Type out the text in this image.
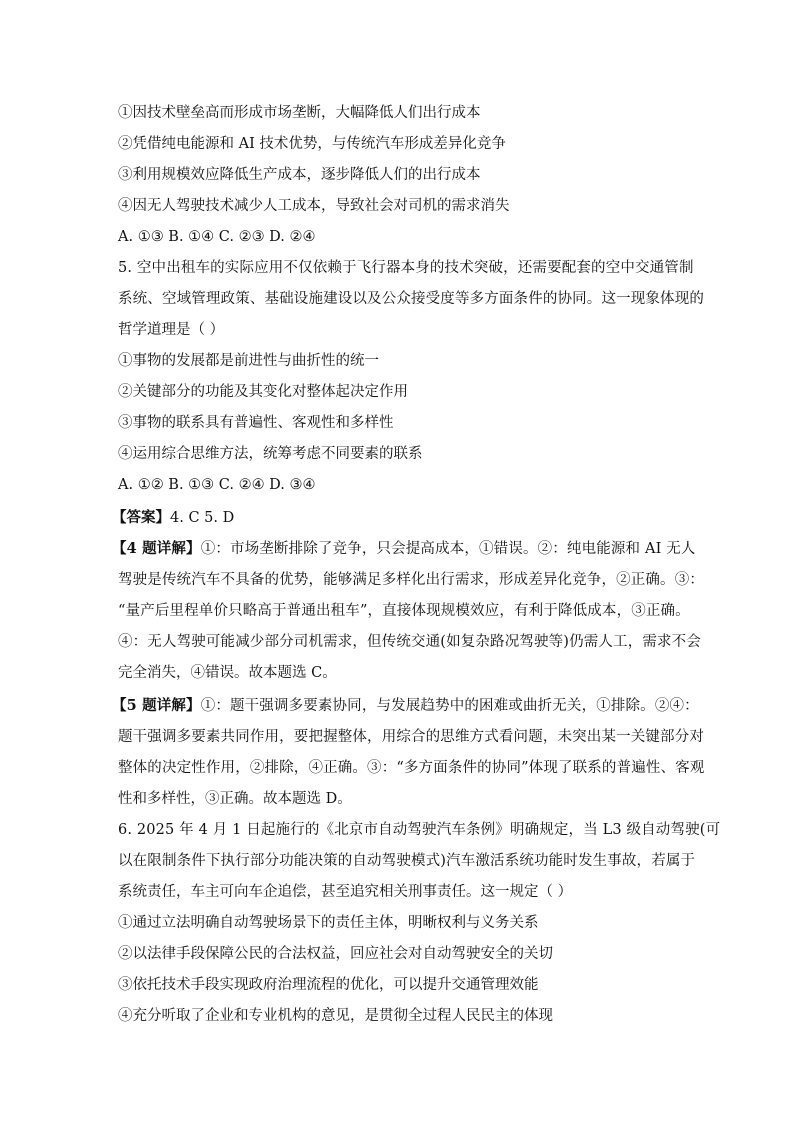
①因技术壁垒高而形成市场垄断，大幅降低人们出行成本
②凭借纯电能源和 AI 技术优势，与传统汽车形成差异化竞争
③利用规模效应降低生产成本，逐步降低人们的出行成本
④因无人驾驶技术减少人工成本，导致社会对司机的需求消失
A. ①③ B. ①④ C. ②③ D. ②④
5. 空中出租车的实际应用不仅依赖于飞行器本身的技术突破，还需要配套的空中交通管制
系统、空域管理政策、基础设施建设以及公众接受度等多方面条件的协同。这一现象体现的
哲学道理是（ ）
①事物的发展都是前进性与曲折性的统一
②关键部分的功能及其变化对整体起决定作用
③事物的联系具有普遍性、客观性和多样性
④运用综合思维方法，统筹考虑不同要素的联系
A. ①② B. ①③ C. ②④ D. ③④
【答案】4. C 5. D
【4 题详解】①：市场垄断排除了竞争，只会提高成本，①错误。②：纯电能源和 AI 无人
驾驶是传统汽车不具备的优势，能够满足多样化出行需求，形成差异化竞争，②正确。③：
“量产后里程单价只略高于普通出租车”，直接体现规模效应，有利于降低成本，③正确。
④：无人驾驶可能减少部分司机需求，但传统交通(如复杂路况驾驶等)仍需人工，需求不会
完全消失，④错误。故本题选 C。
【5 题详解】①：题干强调多要素协同，与发展趋势中的困难或曲折无关，①排除。②④：
题干强调多要素共同作用，要把握整体，用综合的思维方式看问题，未突出某一关键部分对
整体的决定性作用，②排除，④正确。③：“多方面条件的协同”体现了联系的普遍性、客观
性和多样性，③正确。故本题选 D。
6. 2025 年 4 月 1 日起施行的《北京市自动驾驶汽车条例》明确规定，当 L3 级自动驾驶(可
以在限制条件下执行部分功能决策的自动驾驶模式)汽车激活系统功能时发生事故，若属于
系统责任，车主可向车企追偿，甚至追究相关刑事责任。这一规定（ ）
①通过立法明确自动驾驶场景下的责任主体，明晰权利与义务关系
②以法律手段保障公民的合法权益，回应社会对自动驾驶安全的关切
③依托技术手段实现政府治理流程的优化，可以提升交通管理效能
④充分听取了企业和专业机构的意见，是贯彻全过程人民民主的体现
